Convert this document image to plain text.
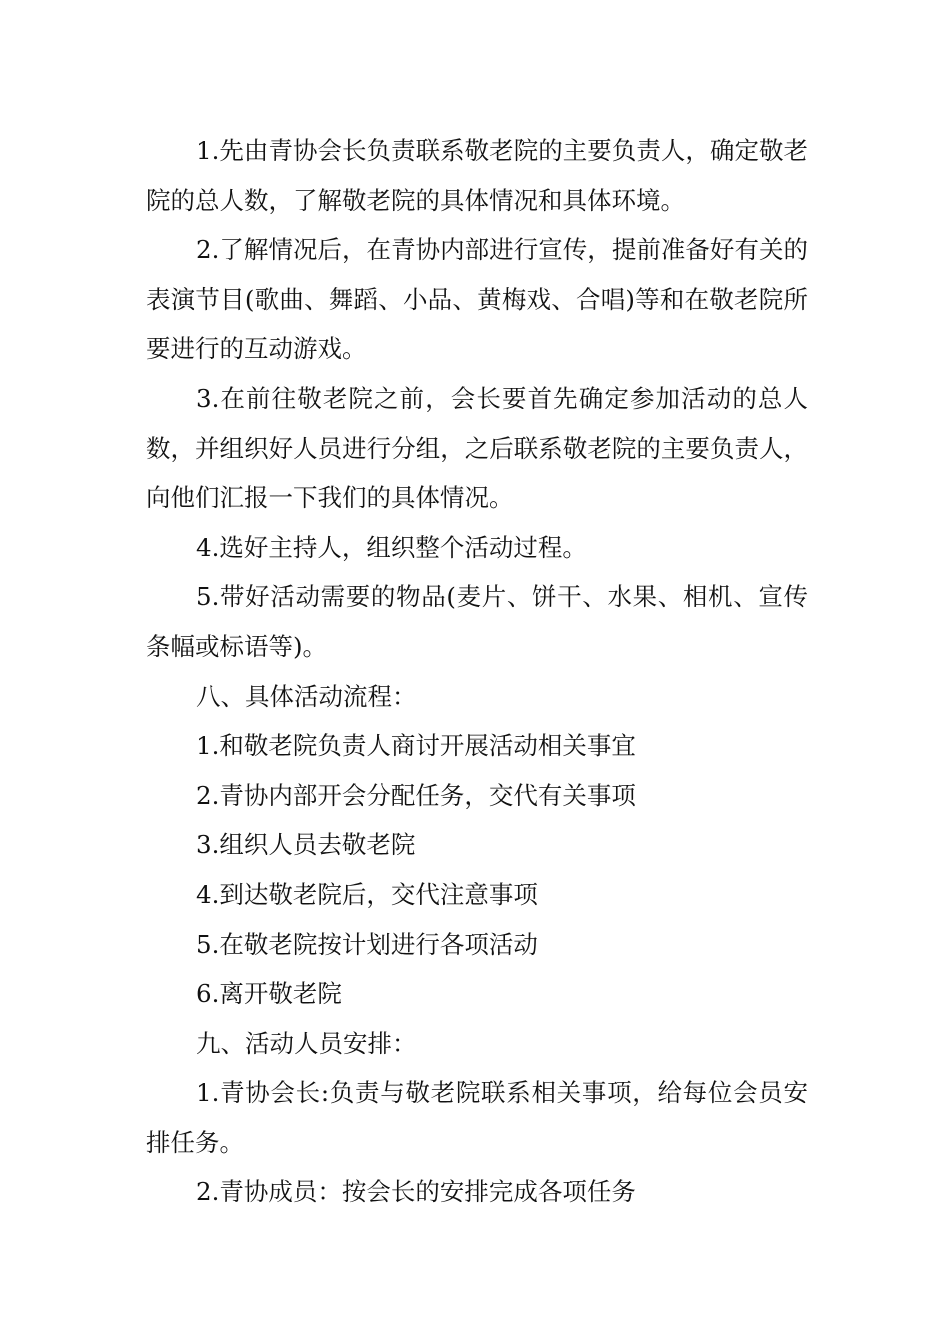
1.先由青协会长负责联系敬老院的主要负责人，确定敬老院的总人数，了解敬老院的具体情况和具体环境。

2.了解情况后，在青协内部进行宣传，提前准备好有关的表演节目(歌曲、舞蹈、小品、黄梅戏、合唱)等和在敬老院所要进行的互动游戏。

3.在前往敬老院之前，会长要首先确定参加活动的总人数，并组织好人员进行分组，之后联系敬老院的主要负责人，向他们汇报一下我们的具体情况。

4.选好主持人，组织整个活动过程。

5.带好活动需要的物品(麦片、饼干、水果、相机、宣传条幅或标语等)。

八、具体活动流程：

1.和敬老院负责人商讨开展活动相关事宜

2.青协内部开会分配任务，交代有关事项

3.组织人员去敬老院

4.到达敬老院后，交代注意事项

5.在敬老院按计划进行各项活动

6.离开敬老院

九、活动人员安排：

1.青协会长:负责与敬老院联系相关事项，给每位会员安排任务。

2.青协成员：按会长的安排完成各项任务
